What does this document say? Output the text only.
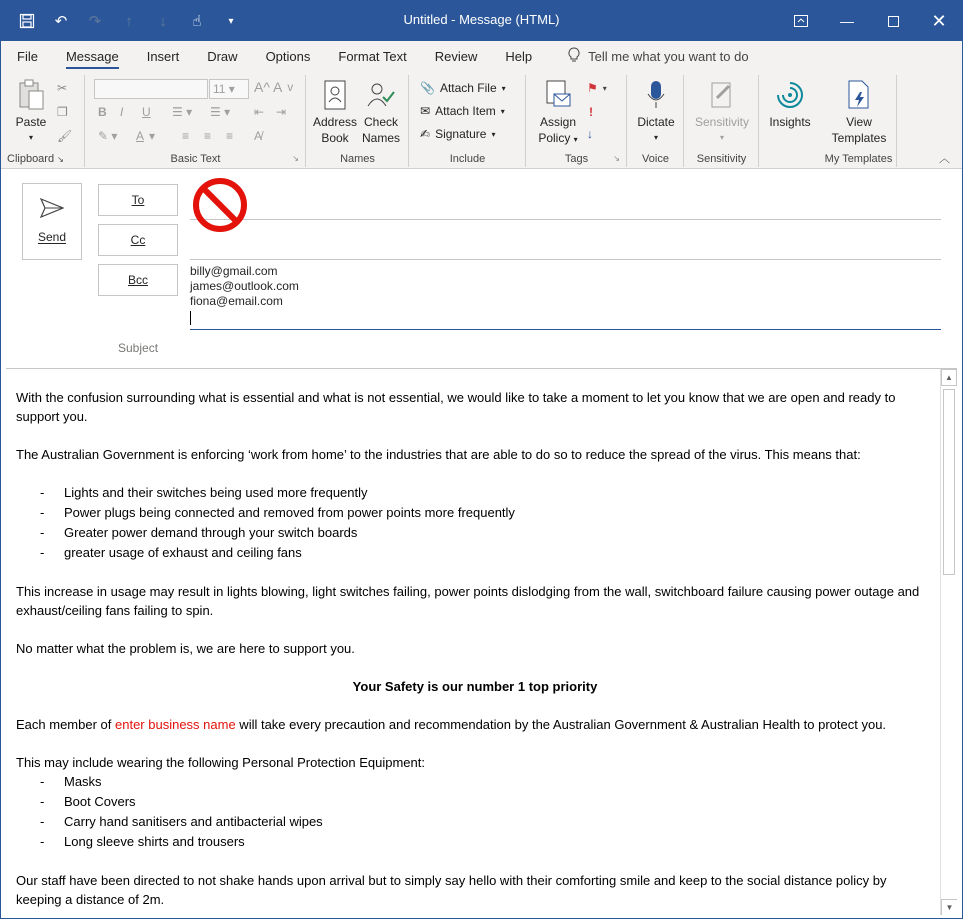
↶	↷	↑	↓	☝	▾	Untitled - Message (HTML)	—	✕
File	Message	Insert	Draw	Options	Format Text	Review	Help	Tell me what you want to do
Paste
▾
✂
❐
🖌
Clipboard ↘
11 ▾	A^ A v
B I U ☰ ▾ ☰ ▾ ⇤ ⇥
✎ ▾ A ▾ ≡ ≡ ≡ A̸
Basic Text	↘
Address
Book
Check
Names
Names
📎 Attach File ▾
✉ Attach Item ▾
✍ Signature ▾
Include
Assign
Policy ▾
⚑ ▾
!
↓
Tags	↘
Dictate
▾
Voice
Sensitivity
▾
Sensitivity
Insights	View
Templates
My Templates	︿
Send
To
Cc
Bcc
billy@gmail.com
james@outlook.com
fiona@email.com
Subject

With the confusion surrounding what is essential and what is not essential, we would like to take a moment to let you know that we are open and ready to support you.

The Australian Government is enforcing ‘work from home’ to the industries that are able to do so to reduce the spread of the virus. This means that:

- Lights and their switches being used more frequently
- Power plugs being connected and removed from power points more frequently
- Greater power demand through your switch boards
- greater usage of exhaust and ceiling fans

This increase in usage may result in lights blowing, light switches failing, power points dislodging from the wall, switchboard failure causing power outage and exhaust/ceiling fans failing to spin.

No matter what the problem is, we are here to support you.

Your Safety is our number 1 top priority

Each member of enter business name will take every precaution and recommendation by the Australian Government & Australian Health to protect you.

This may include wearing the following Personal Protection Equipment:

- Masks
- Boot Covers
- Carry hand sanitisers and antibacterial wipes
- Long sleeve shirts and trousers

Our staff have been directed to not shake hands upon arrival but to simply say hello with their comforting smile and keep to the social distance policy by keeping a distance of 2m.

▲
▼
